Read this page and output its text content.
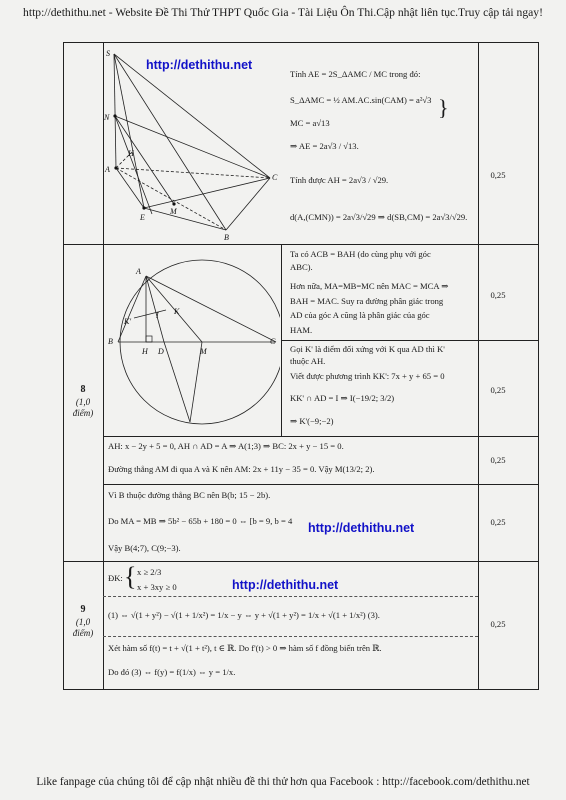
http://dethithu.net - Website Đề Thi Thử THPT Quốc Gia - Tài Liệu Ôn Thi.Cập nhật liên tục.Truy cập tải ngay!
http://dethithu.net
http://dethithu.net
http://dethithu.net
S
N
H
A
C
E
M
B
Tính AE = 2S_ΔAMC / MC trong đó:
S_ΔAMC = ½ AM.AC.sin(CAM) = a²√3
MC = a√13
}
⇒ AE = 2a√3 / √13.
Tính được AH = 2a√3 / √29.
d(A,(CMN)) = 2a√3/√29 ⇒ d(SB,CM) = 2a√3/√29.
0,25
A
K
K'
I
B
H D	M
C
8
(1,0
điểm)
Ta có ACB = BAH (do cùng phụ với góc
ABC).
Hơn nữa, MA=MB=MC nên MAC = MCA ⇒
BAH = MAC. Suy ra đường phân giác trong
AD của góc A cũng là phân giác của góc
HAM.
0,25
Gọi K' là điểm đối xứng với K qua AD thì K'
thuộc AH.
Viết được phương trình KK': 7x + y + 65 = 0
KK' ∩ AD = I ⇒ I(−19/2; 3/2)
⇒ K'(−9;−2)
0,25
AH: x − 2y + 5 = 0, AH ∩ AD = A ⇒ A(1;3) ⇒ BC: 2x + y − 15 = 0.
Đường thẳng AM đi qua A và K nên AM: 2x + 11y − 35 = 0. Vậy M(13/2; 2).
0,25
Vì B thuộc đường thẳng BC nên B(b; 15 − 2b).
Do MA = MB ⇒ 5b² − 65b + 180 = 0 ⇔ [b = 9, b = 4
Vậy B(4;7), C(9;−3).
0,25
9
(1,0
điểm)
ĐK: { x ≥ 2/3
x + 3xy ≥ 0
(1) ⇔ √(1 + y²) − √(1 + 1/x²) = 1/x − y ⇔ y + √(1 + y²) = 1/x + √(1 + 1/x²) (3).
Xét hàm số f(t) = t + √(1 + t²), t ∈ ℝ. Do f'(t) > 0 ⇒ hàm số f đồng biến trên ℝ.
Do đó (3) ⇔ f(y) = f(1/x) ⇔ y = 1/x.
0,25
Like fanpage của chúng tôi để cập nhật nhiều đề thi thử hơn qua Facebook : http://facebook.com/dethithu.net
